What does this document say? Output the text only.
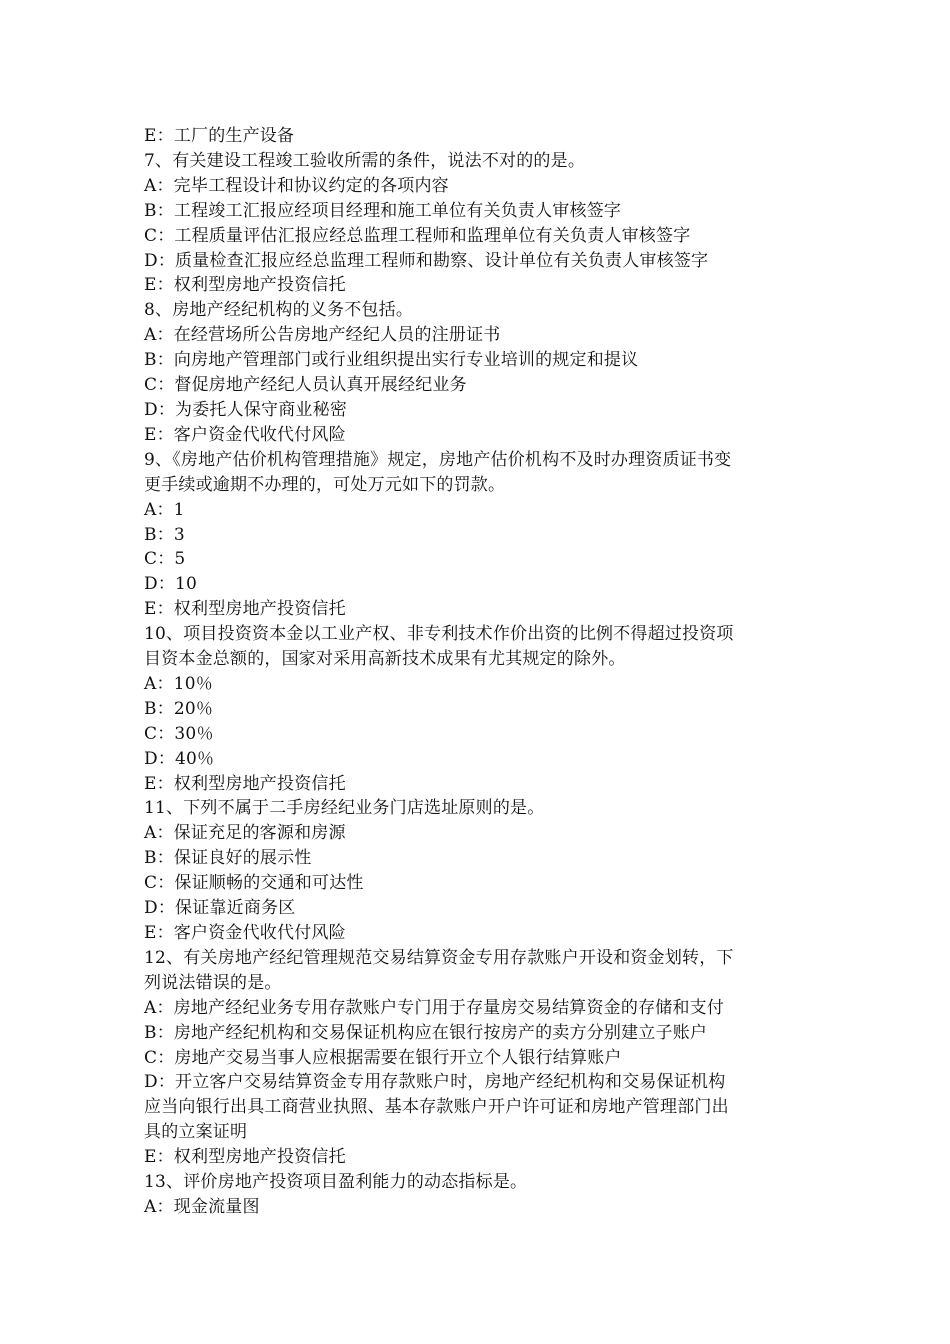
E：工厂的生产设备
7、有关建设工程竣工验收所需的条件，说法不对的的是。
A：完毕工程设计和协议约定的各项内容
B：工程竣工汇报应经项目经理和施工单位有关负责人审核签字
C：工程质量评估汇报应经总监理工程师和监理单位有关负责人审核签字
D：质量检查汇报应经总监理工程师和勘察、设计单位有关负责人审核签字
E：权利型房地产投资信托
8、房地产经纪机构的义务不包括。
A：在经营场所公告房地产经纪人员的注册证书
B：向房地产管理部门或行业组织提出实行专业培训的规定和提议
C：督促房地产经纪人员认真开展经纪业务
D：为委托人保守商业秘密
E：客户资金代收代付风险
9、《房地产估价机构管理措施》规定，房地产估价机构不及时办理资质证书变
更手续或逾期不办理的，可处万元如下的罚款。
A：1
B：3
C：5
D：10
E：权利型房地产投资信托
10、项目投资资本金以工业产权、非专利技术作价出资的比例不得超过投资项
目资本金总额的，国家对采用高新技术成果有尤其规定的除外。
A：10％
B：20％
C：30％
D：40％
E：权利型房地产投资信托
11、下列不属于二手房经纪业务门店选址原则的是。
A：保证充足的客源和房源
B：保证良好的展示性
C：保证顺畅的交通和可达性
D：保证靠近商务区
E：客户资金代收代付风险
12、有关房地产经纪管理规范交易结算资金专用存款账户开设和资金划转，下
列说法错误的是。
A：房地产经纪业务专用存款账户专门用于存量房交易结算资金的存储和支付
B：房地产经纪机构和交易保证机构应在银行按房产的卖方分别建立子账户
C：房地产交易当事人应根据需要在银行开立个人银行结算账户
D：开立客户交易结算资金专用存款账户时，房地产经纪机构和交易保证机构
应当向银行出具工商营业执照、基本存款账户开户许可证和房地产管理部门出
具的立案证明
E：权利型房地产投资信托
13、评价房地产投资项目盈利能力的动态指标是。
A：现金流量图
